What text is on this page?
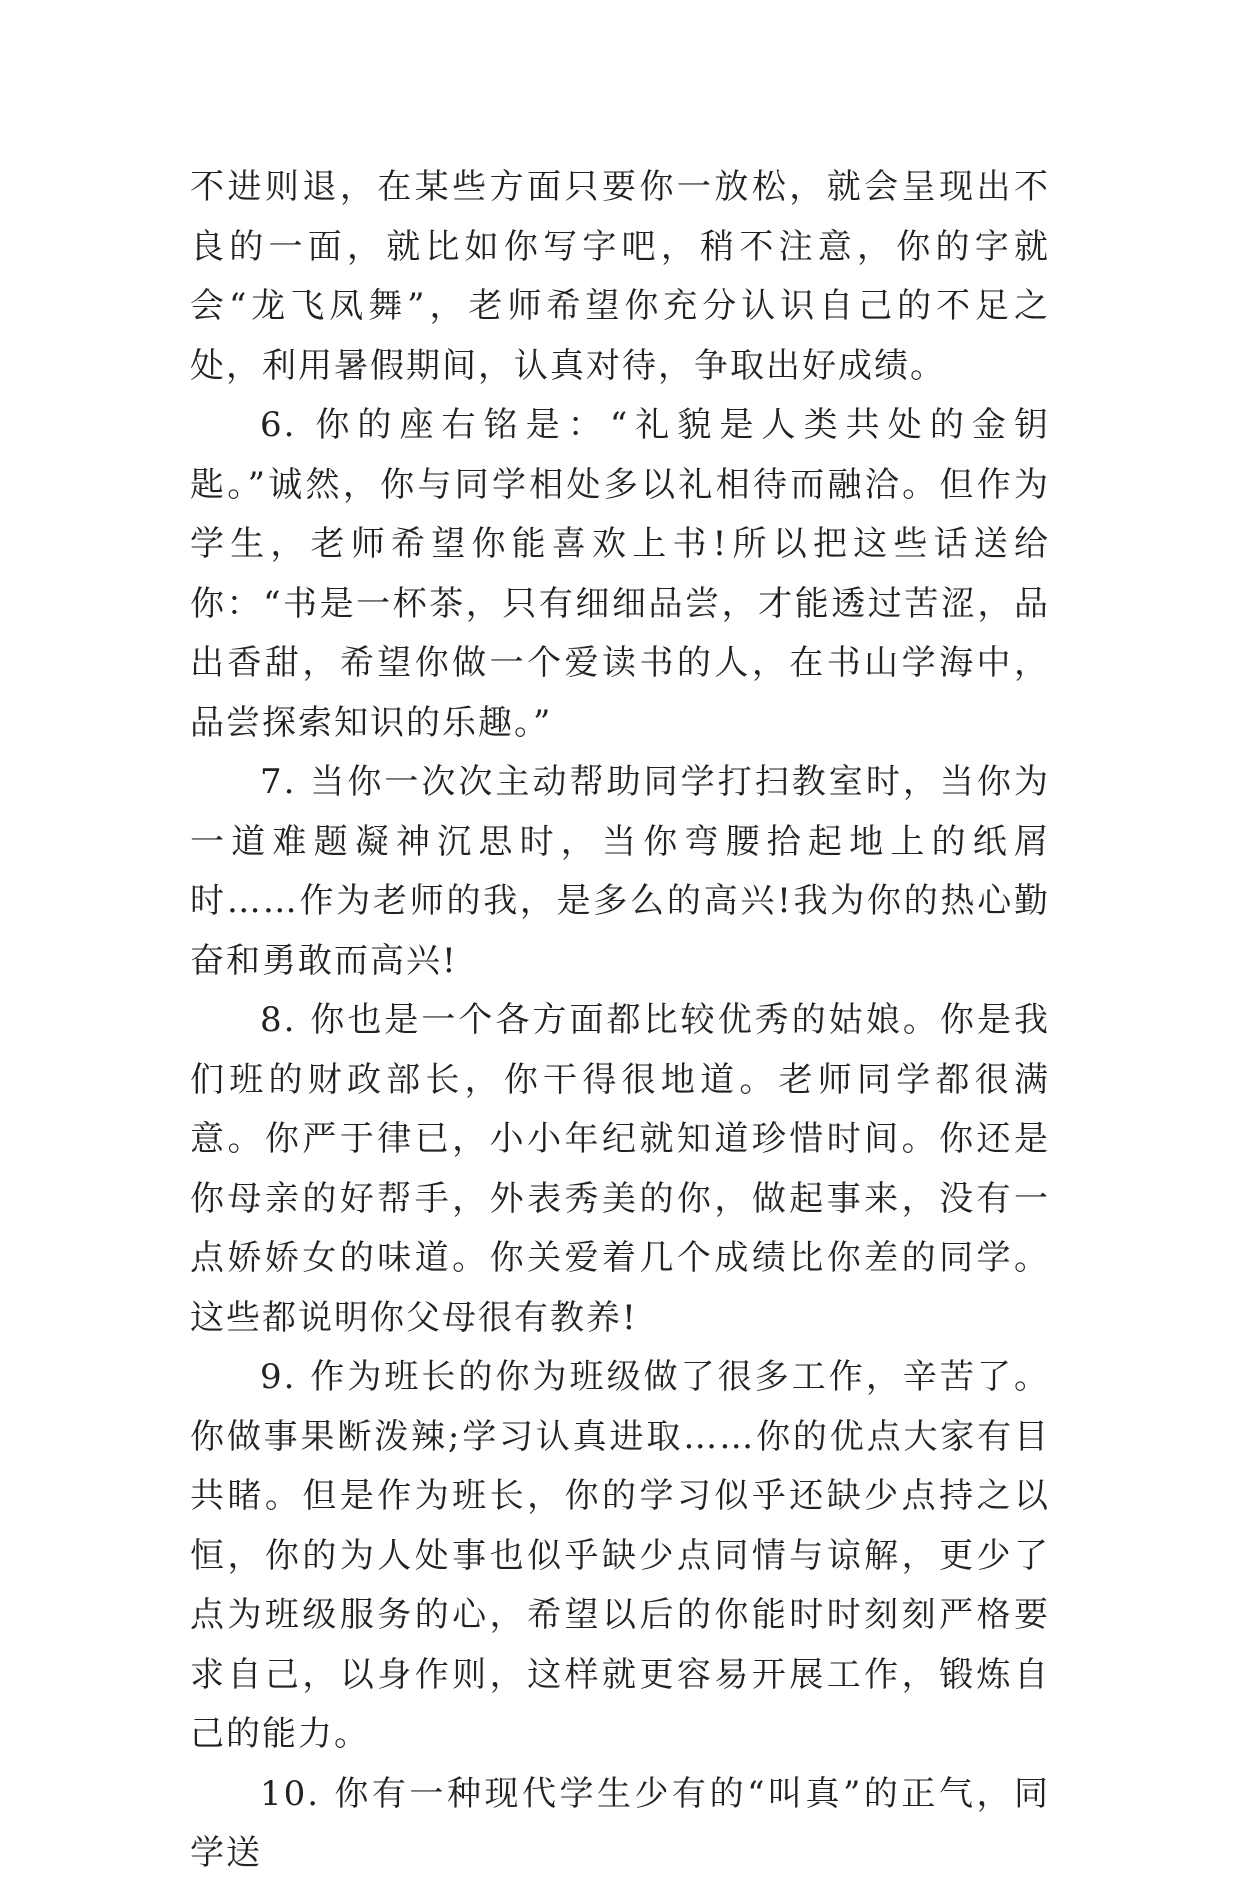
不进则退，在某些方面只要你一放松，就会呈现出不良的一面，就比如你写字吧，稍不注意，你的字就会“龙飞凤舞”，老师希望你充分认识自己的不足之处，利用暑假期间，认真对待，争取出好成绩。

6. 你的座右铭是：“礼貌是人类共处的金钥匙。”诚然，你与同学相处多以礼相待而融洽。但作为学生，老师希望你能喜欢上书!所以把这些话送给你：“书是一杯茶，只有细细品尝，才能透过苦涩，品出香甜，希望你做一个爱读书的人，在书山学海中，品尝探索知识的乐趣。”

7. 当你一次次主动帮助同学打扫教室时，当你为一道难题凝神沉思时，当你弯腰拾起地上的纸屑时……作为老师的我，是多么的高兴!我为你的热心勤奋和勇敢而高兴!

8. 你也是一个各方面都比较优秀的姑娘。你是我们班的财政部长，你干得很地道。老师同学都很满意。你严于律已，小小年纪就知道珍惜时间。你还是你母亲的好帮手，外表秀美的你，做起事来，没有一点娇娇女的味道。你关爱着几个成绩比你差的同学。这些都说明你父母很有教养!

9. 作为班长的你为班级做了很多工作，辛苦了。你做事果断泼辣;学习认真进取……你的优点大家有目共睹。但是作为班长，你的学习似乎还缺少点持之以恒，你的为人处事也似乎缺少点同情与谅解，更少了点为班级服务的心，希望以后的你能时时刻刻严格要求自己，以身作则，这样就更容易开展工作，锻炼自己的能力。

10. 你有一种现代学生少有的“叫真”的正气，同学送
